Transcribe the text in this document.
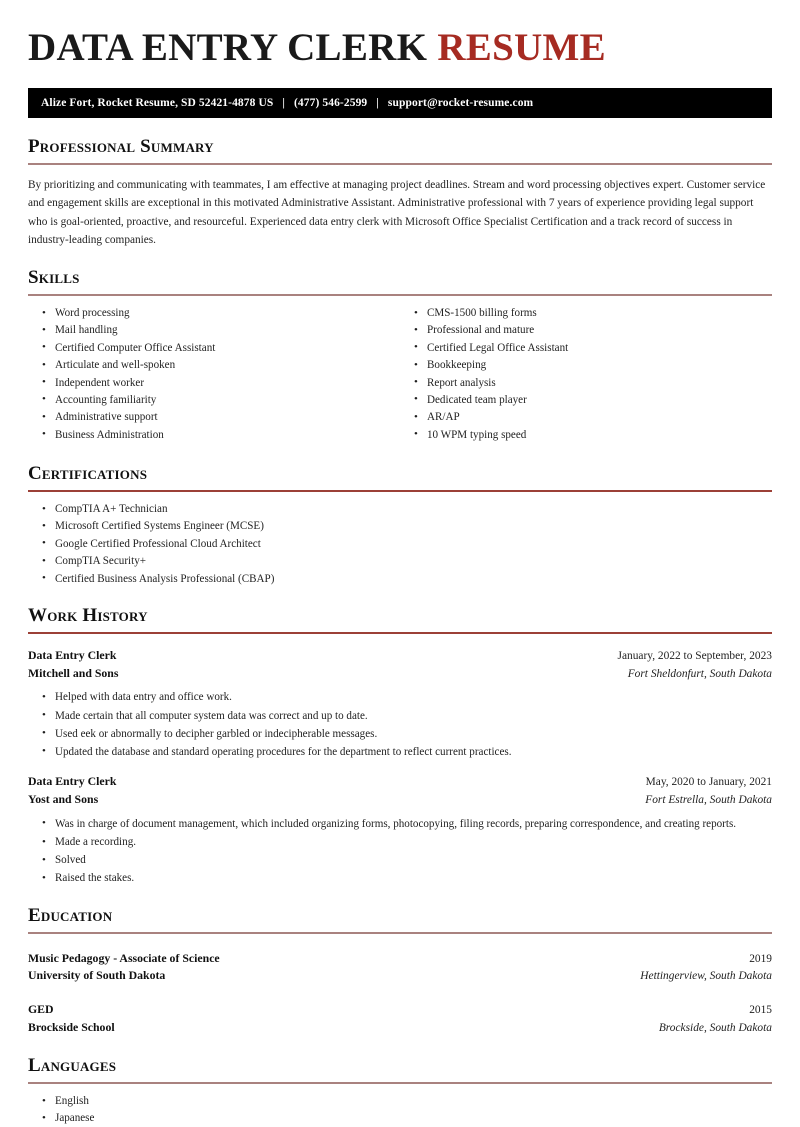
DATA ENTRY CLERK RESUME
Alize Fort, Rocket Resume, SD 52421-4878 US | (477) 546-2599 | support@rocket-resume.com
Professional Summary
By prioritizing and communicating with teammates, I am effective at managing project deadlines. Stream and word processing objectives expert. Customer service and engagement skills are exceptional in this motivated Administrative Assistant. Administrative professional with 7 years of experience providing legal support who is goal-oriented, proactive, and resourceful. Experienced data entry clerk with Microsoft Office Specialist Certification and a track record of success in industry-leading companies.
Skills
• Word processing
• Mail handling
• Certified Computer Office Assistant
• Articulate and well-spoken
• Independent worker
• Accounting familiarity
• Administrative support
• Business Administration
• CMS-1500 billing forms
• Professional and mature
• Certified Legal Office Assistant
• Bookkeeping
• Report analysis
• Dedicated team player
• AR/AP
• 10 WPM typing speed
Certifications
• CompTIA A+ Technician
• Microsoft Certified Systems Engineer (MCSE)
• Google Certified Professional Cloud Architect
• CompTIA Security+
• Certified Business Analysis Professional (CBAP)
Work History
Data Entry Clerk	January, 2022 to September, 2023
Mitchell and Sons	Fort Sheldonfurt, South Dakota
• Helped with data entry and office work.
• Made certain that all computer system data was correct and up to date.
• Used eek or abnormally to decipher garbled or indecipherable messages.
• Updated the database and standard operating procedures for the department to reflect current practices.
Data Entry Clerk	May, 2020 to January, 2021
Yost and Sons	Fort Estrella, South Dakota
• Was in charge of document management, which included organizing forms, photocopying, filing records, preparing correspondence, and creating reports.
• Made a recording.
• Solved
• Raised the stakes.
Education
Music Pedagogy - Associate of Science	2019
University of South Dakota	Hettingerview, South Dakota
GED	2015
Brockside School	Brockside, South Dakota
Languages
• English
• Japanese
